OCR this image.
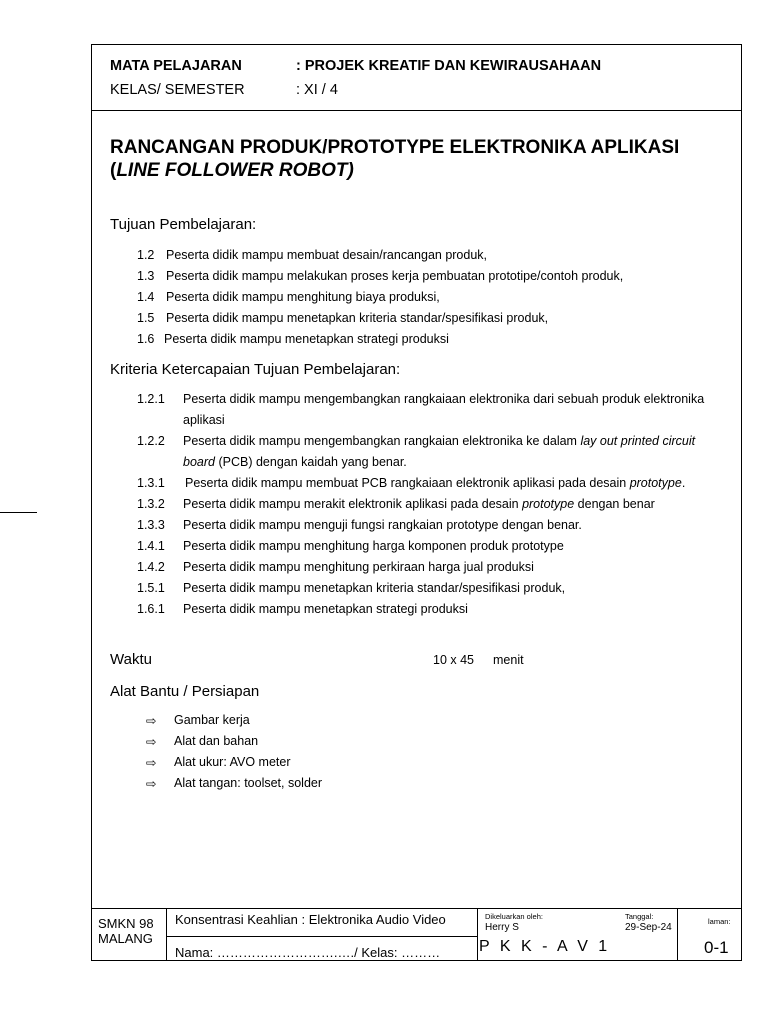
MATA PELAJARAN	: PROJEK KREATIF DAN KEWIRAUSAHAAN
KELAS/ SEMESTER	: XI / 4
RANCANGAN PRODUK/PROTOTYPE ELEKTRONIKA APLIKASI
(LINE FOLLOWER ROBOT)
Tujuan Pembelajaran:
1.2 Peserta didik mampu membuat desain/rancangan produk,
1.3 Peserta didik mampu melakukan proses kerja pembuatan prototipe/contoh produk,
1.4 Peserta didik mampu menghitung biaya produksi,
1.5 Peserta didik mampu menetapkan kriteria standar/spesifikasi produk,
1.6 Peserta didik mampu menetapkan strategi produksi
Kriteria Ketercapaian Tujuan Pembelajaran:
1.2.1 Peserta didik mampu mengembangkan rangkaiaan elektronika dari sebuah produk elektronika
aplikasi
1.2.2 Peserta didik mampu mengembangkan rangkaian elektronika ke dalam lay out printed circuit
board (PCB) dengan kaidah yang benar.
1.3.1 Peserta didik mampu membuat PCB rangkaiaan elektronik aplikasi pada desain prototype.
1.3.2 Peserta didik mampu merakit elektronik aplikasi pada desain prototype dengan benar
1.3.3 Peserta didik mampu menguji fungsi rangkaian prototype dengan benar.
1.4.1 Peserta didik mampu menghitung harga komponen produk prototype
1.4.2 Peserta didik mampu menghitung perkiraan harga jual produksi
1.5.1 Peserta didik mampu menetapkan kriteria standar/spesifikasi produk,
1.6.1 Peserta didik mampu menetapkan strategi produksi
Waktu	10 x 45 menit
Alat Bantu / Persiapan
⇨ Gambar kerja
⇨ Alat dan bahan
⇨ Alat ukur: AVO meter
⇨ Alat tangan: toolset, solder
SMKN 98
MALANG
Konsentrasi Keahlian : Elektronika Audio Video
Nama: ……………………….…./ Kelas: ………
Dikeluarkan oleh:
Herry S
Tanggal:
29-Sep-24
laman:
P K K - A V 1	0-1
